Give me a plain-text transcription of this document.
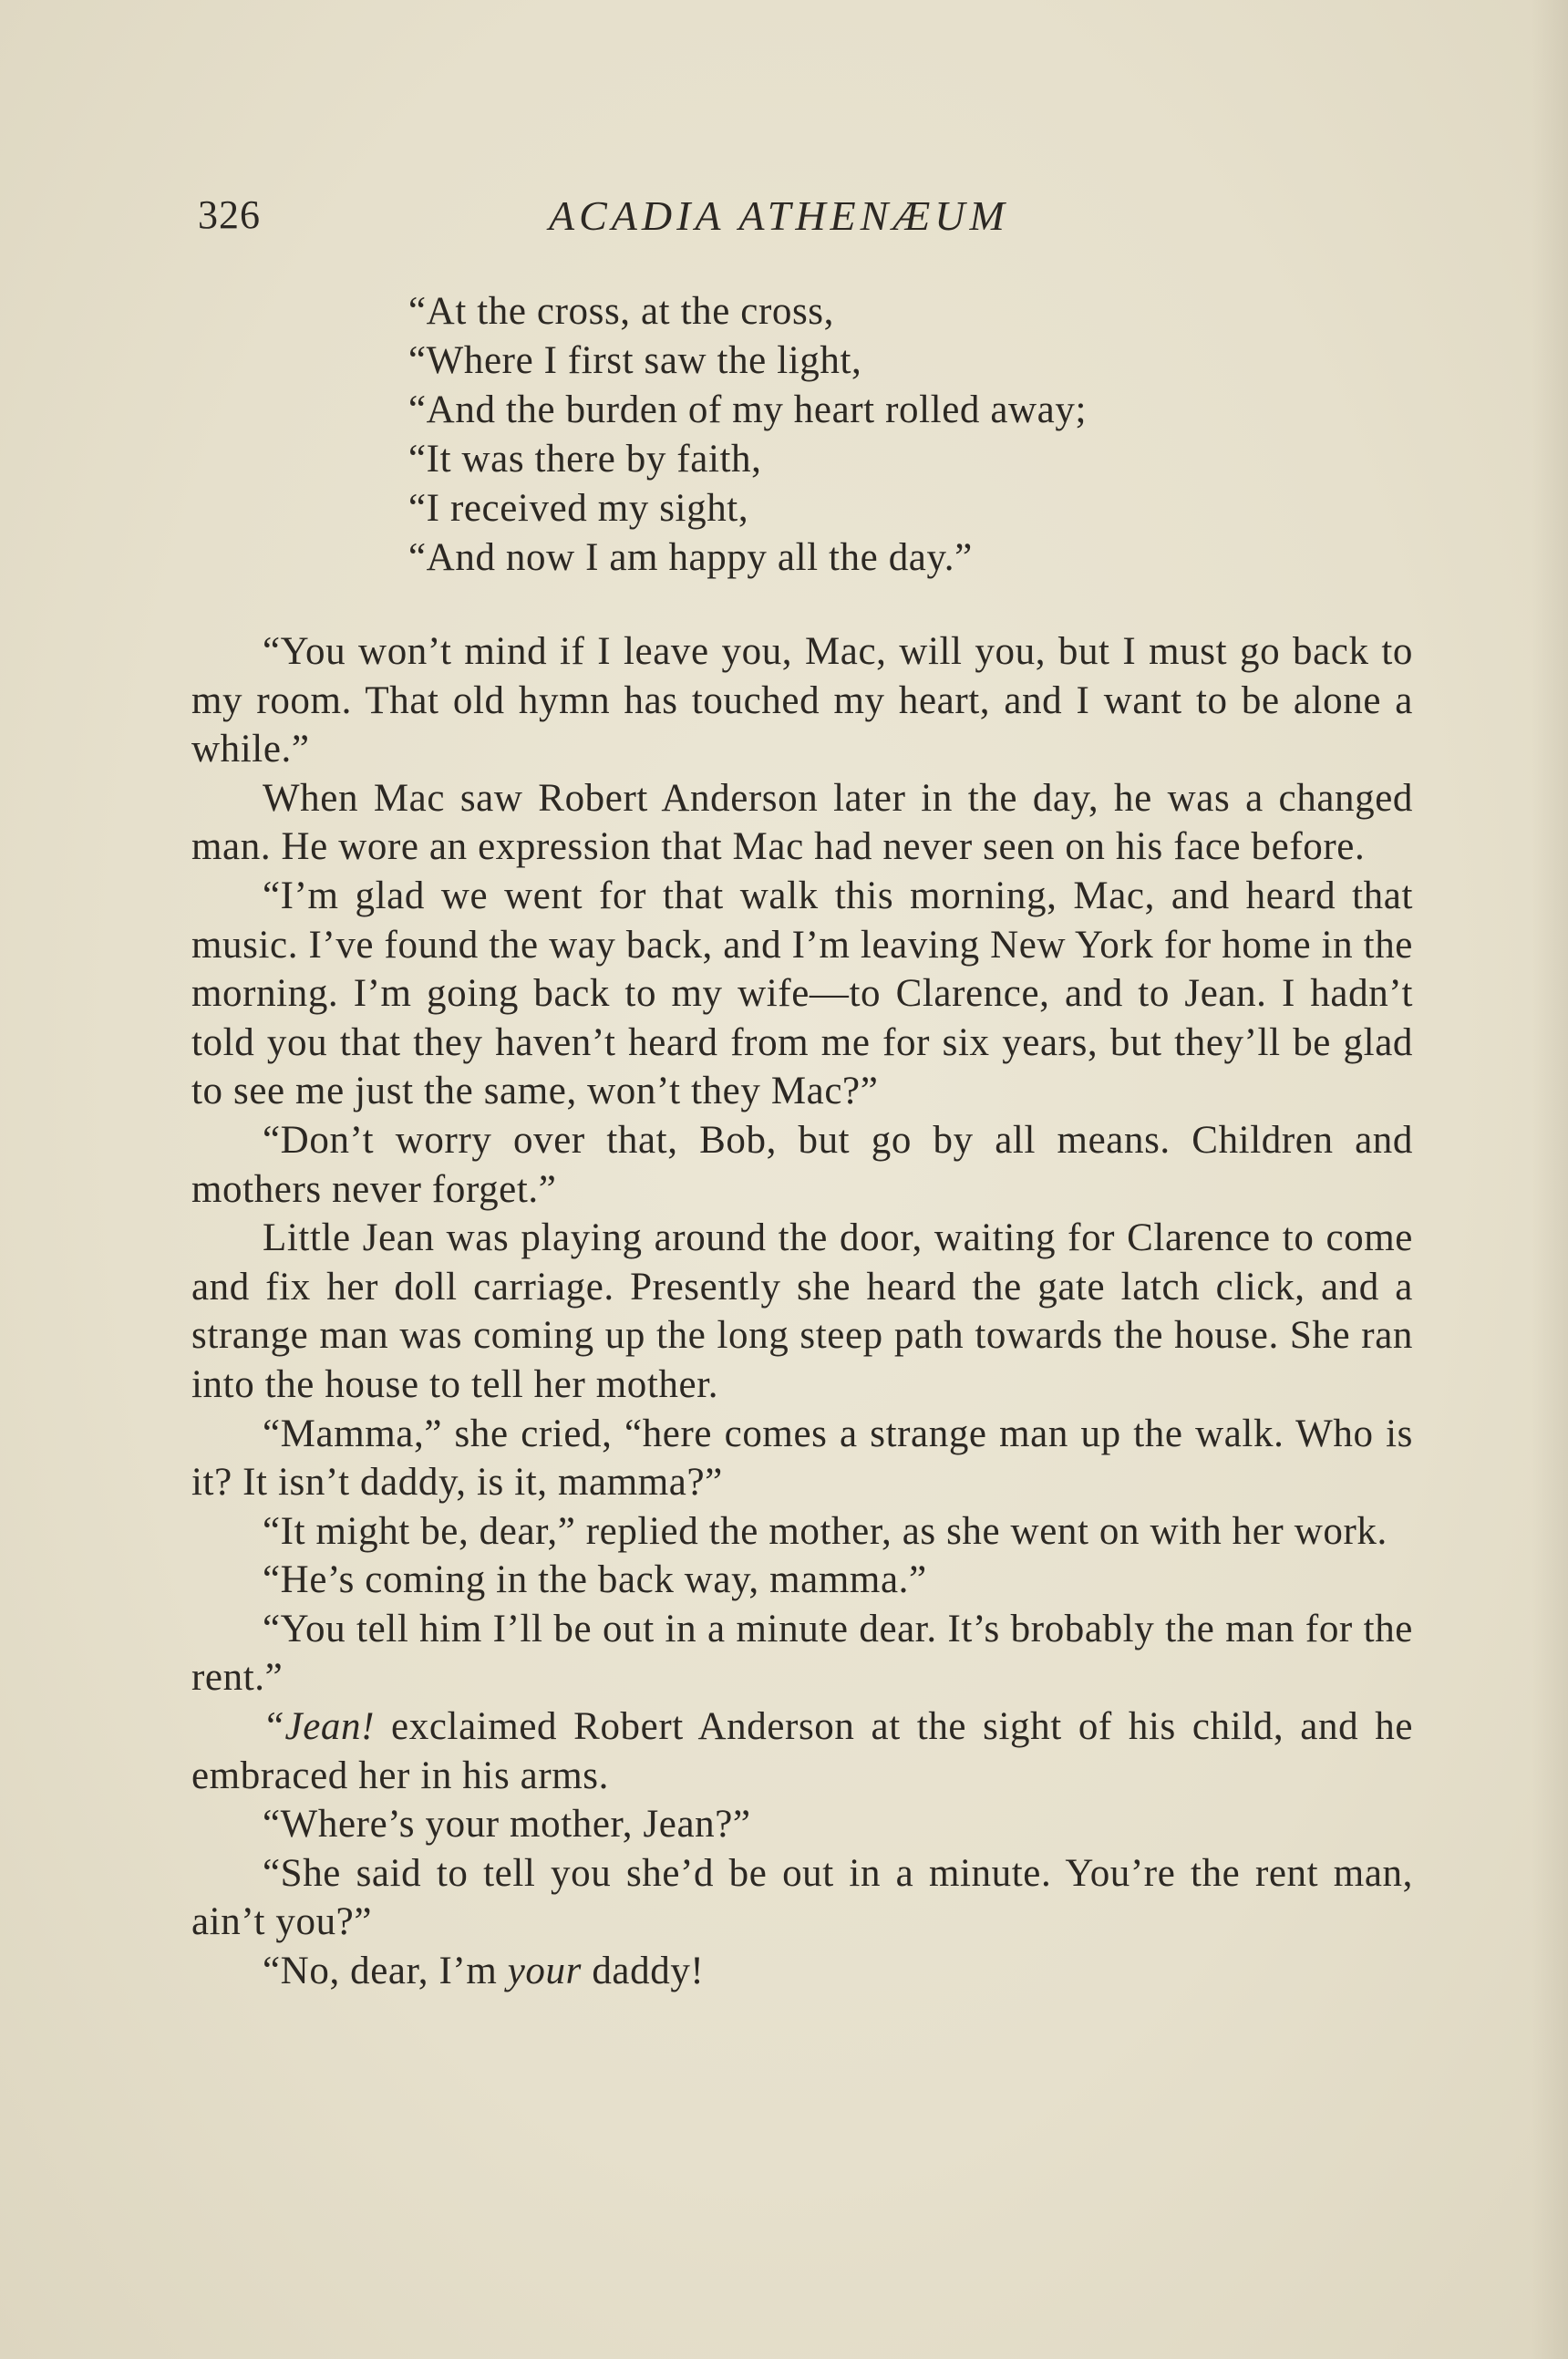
326	ACADIA ATHENÆUM
“At the cross, at the cross,
“Where I first saw the light,
“And the burden of my heart rolled away;
“It was there by faith,
“I received my sight,
“And now I am happy all the day.”

“You won’t mind if I leave you, Mac, will you, but I must go back to my room. That old hymn has touched my heart, and I want to be alone a while.”

When Mac saw Robert Anderson later in the day, he was a changed man. He wore an expression that Mac had never seen on his face before.

“I’m glad we went for that walk this morning, Mac, and heard that music. I’ve found the way back, and I’m leaving New York for home in the morning. I’m going back to my wife—to Clarence, and to Jean. I hadn’t told you that they haven’t heard from me for six years, but they’ll be glad to see me just the same, won’t they Mac?”

“Don’t worry over that, Bob, but go by all means. Children and mothers never forget.”

Little Jean was playing around the door, waiting for Clarence to come and fix her doll carriage. Presently she heard the gate latch click, and a strange man was coming up the long steep path towards the house. She ran into the house to tell her mother.

“Mamma,” she cried, “here comes a strange man up the walk. Who is it? It isn’t daddy, is it, mamma?”

“It might be, dear,” replied the mother, as she went on with her work.

“He’s coming in the back way, mamma.”

“You tell him I’ll be out in a minute dear. It’s brobably the man for the rent.”

“Jean! exclaimed Robert Anderson at the sight of his child, and he embraced her in his arms.

“Where’s your mother, Jean?”

“She said to tell you she’d be out in a minute. You’re the rent man, ain’t you?”

“No, dear, I’m your daddy!
